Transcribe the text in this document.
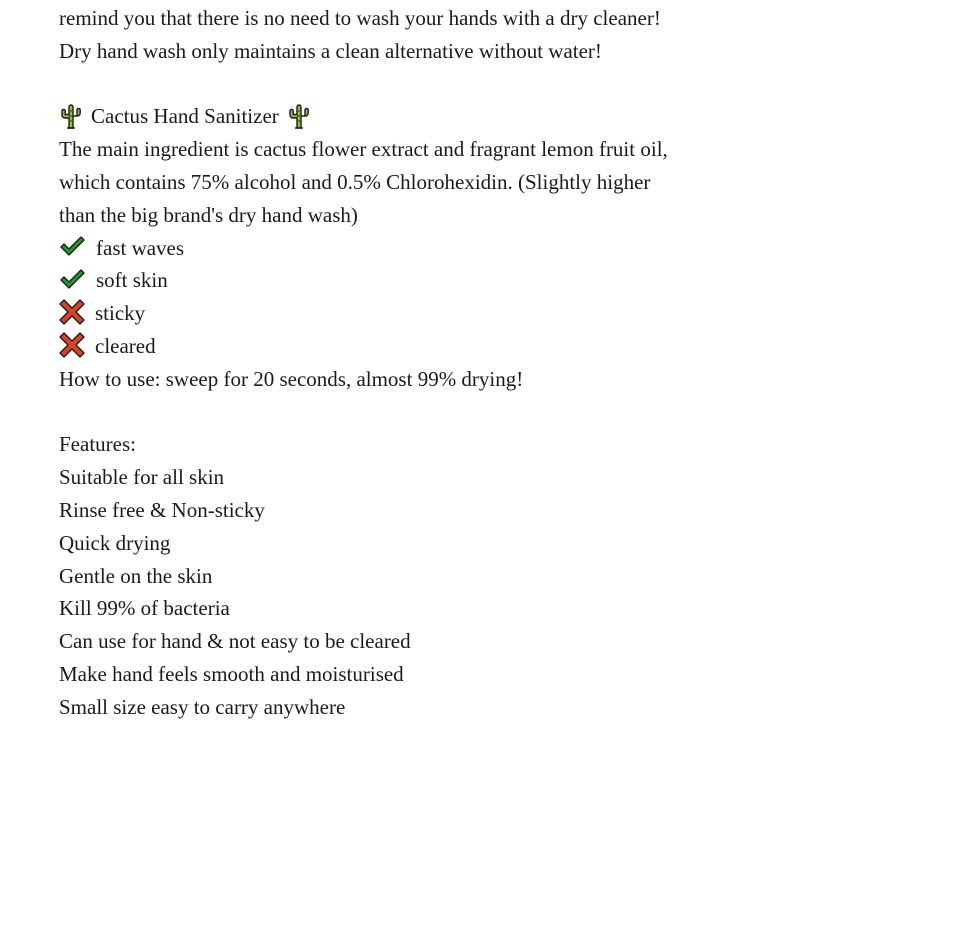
remind you that there is no need to wash your hands with a dry cleaner!
Dry hand wash only maintains a clean alternative without water!
Cactus Hand Sanitizer
The main ingredient is cactus flower extract and fragrant lemon fruit oil,
which contains 75% alcohol and 0.5% Chlorohexidin. (Slightly higher
than the big brand's dry hand wash)
fast waves
soft skin
sticky
cleared
How to use: sweep for 20 seconds, almost 99% drying!
Features:
Suitable for all skin
Rinse free & Non-sticky
Quick drying
Gentle on the skin
Kill 99% of bacteria
Can use for hand & not easy to be cleared
Make hand feels smooth and moisturised
Small size easy to carry anywhere
